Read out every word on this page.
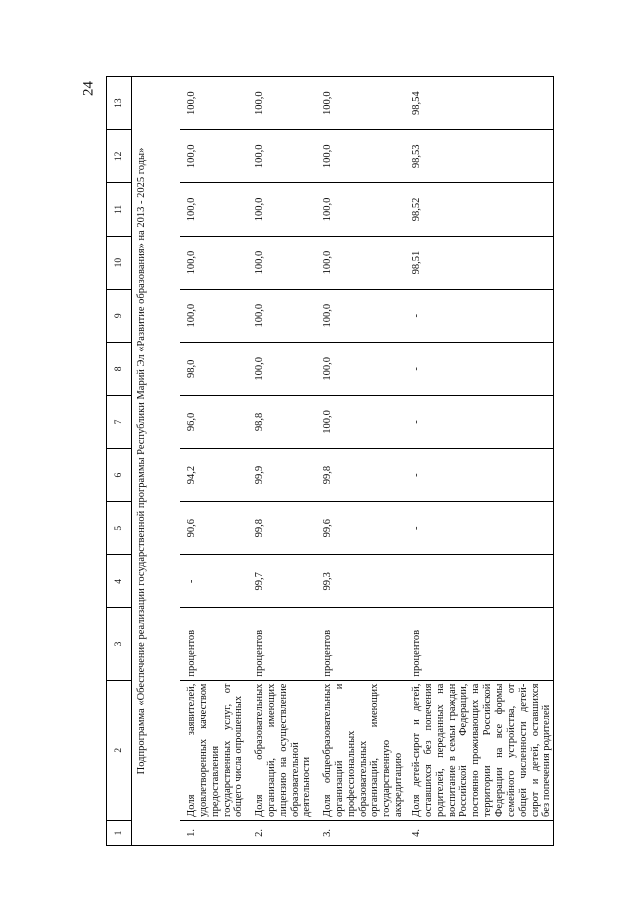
24
1	2	3	4	5	6	7	8	9	10	11	12	13
Подпрограмма «Обеспечение реализации государственной программы Республики Марий Эл «Развитие образования» на 2013 - 2025 годы»												
1.	Доля заявителей, удовлетворенных качеством предоставления государственных услуг, от общего числа опрошенных	процентов	-	90,6	94,2	96,0	98,0	100,0	100,0	100,0	100,0	100,0
2.	Доля образовательных организаций, имеющих лицензию на осуществление образовательной деятельности	процентов	99,7	99,8	99,9	98,8	100,0	100,0	100,0	100,0	100,0	100,0
3.	Доля общеобразовательных организаций и профессиональных образовательных организаций, имеющих государственную аккредитацию	процентов	99,3	99,6	99,8	100,0	100,0	100,0	100,0	100,0	100,0	100,0
4.	Доля детей-сирот и детей, оставшихся без попечения родителей, переданных на воспитание в семьи граждан Российской Федерации, постоянно проживающих на территории Российской Федерации на все формы семейного устройства, от общей численности детей-сирот и детей, оставшихся без попечения родителей	процентов		-	-	-	-	-	98,51	98,52	98,53	98,54
